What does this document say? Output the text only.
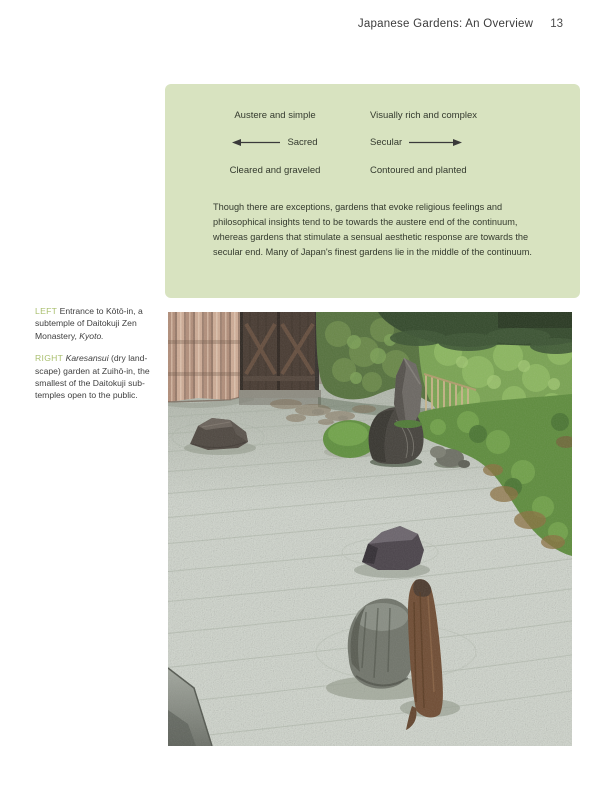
Japanese Gardens: An Overview 13
Austere and simple	Visually rich and complex
Sacred	Secular
Cleared and graveled	Contoured and planted
Though there are exceptions, gardens that evoke religious feelings and
philosophical insights tend to be towards the austere end of the continuum,
whereas gardens that stimulate a sensual aesthetic response are towards the
secular end. Many of Japan's finest gardens lie in the middle of the continuum.

LEFT Entrance to Kōtō-in, a
subtemple of Daitokuji Zen
Monastery, Kyoto.

RIGHT Karesansui (dry land-
scape) garden at Zuihō-in, the
smallest of the Daitokuji sub-
temples open to the public.
